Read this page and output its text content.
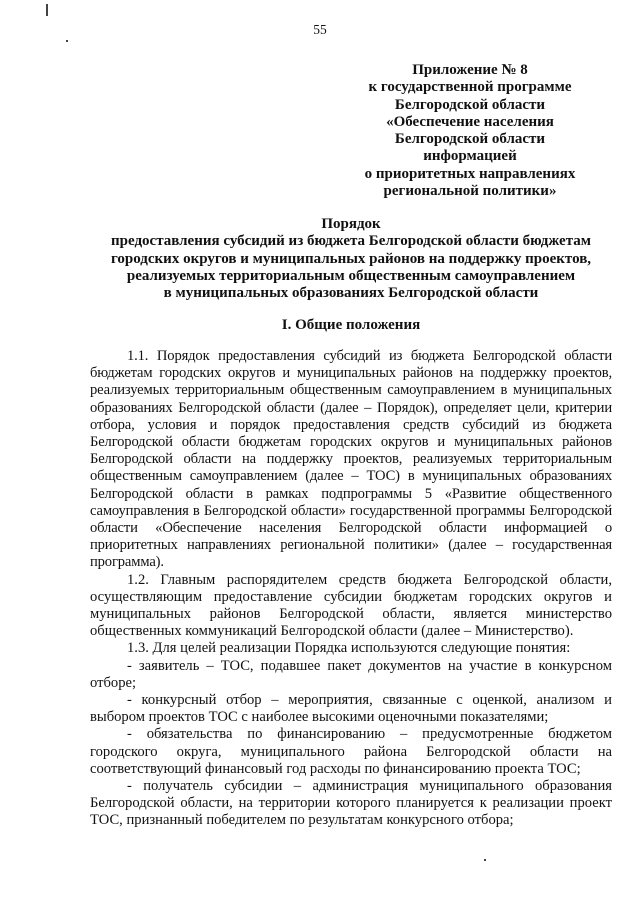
55
Приложение № 8
к государственной программе
Белгородской области
«Обеспечение населения
Белгородской области информацией
о приоритетных направлениях
региональной политики»
Порядок
предоставления субсидий из бюджета Белгородской области бюджетам
городских округов и муниципальных районов на поддержку проектов,
реализуемых территориальным общественным самоуправлением
в муниципальных образованиях Белгородской области
I. Общие положения

1.1. Порядок предоставления субсидий из бюджета Белгородской области бюджетам городских округов и муниципальных районов на поддержку проектов, реализуемых территориальным общественным самоуправлением в муниципальных образованиях Белгородской области (далее – Порядок), определяет цели, критерии отбора, условия и порядок предоставления средств субсидий из бюджета Белгородской области бюджетам городских округов и муниципальных районов Белгородской области на поддержку проектов, реализуемых территориальным общественным самоуправлением (далее – ТОС) в муниципальных образованиях Белгородской области в рамках подпрограммы 5 «Развитие общественного самоуправления в Белгородской области» государственной программы Белгородской области «Обеспечение населения Белгородской области информацией о приоритетных направлениях региональной политики» (далее – государственная программа).

1.2. Главным распорядителем средств бюджета Белгородской области, осуществляющим предоставление субсидии бюджетам городских округов и муниципальных районов Белгородской области, является министерство общественных коммуникаций Белгородской области (далее – Министерство).

1.3. Для целей реализации Порядка используются следующие понятия:

- заявитель – ТОС, подавшее пакет документов на участие в конкурсном отборе;

- конкурсный отбор – мероприятия, связанные с оценкой, анализом и выбором проектов ТОС с наиболее высокими оценочными показателями;

- обязательства по финансированию – предусмотренные бюджетом городского округа, муниципального района Белгородской области на соответствующий финансовый год расходы по финансированию проекта ТОС;

- получатель субсидии – администрация муниципального образования Белгородской области, на территории которого планируется к реализации проект ТОС, признанный победителем по результатам конкурсного отбора;
